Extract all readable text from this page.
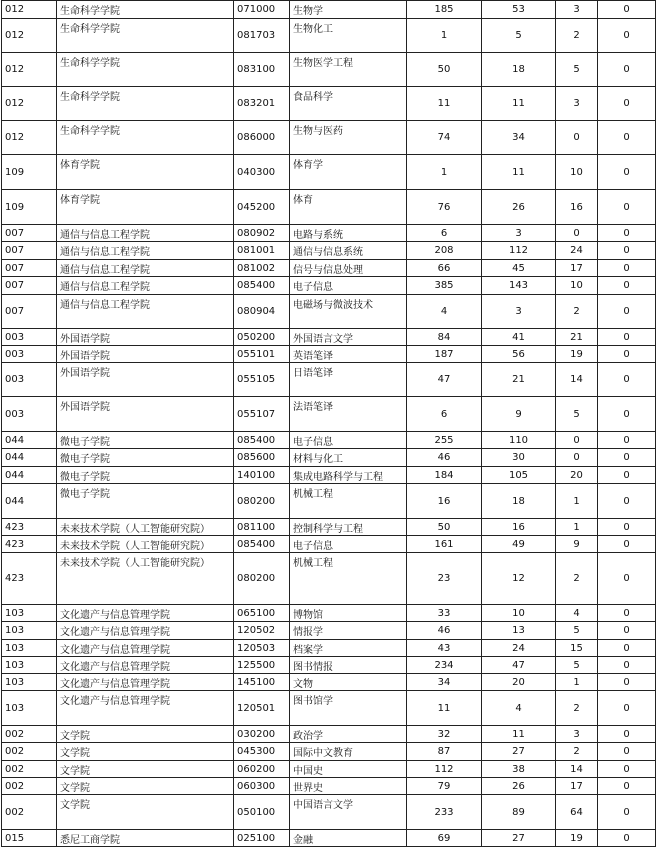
012	生命科学学院	071000	生物学	185	53	3	0
012	生命科学学院	081703	生物化工	1	5	2	0
012	生命科学学院	083100	生物医学工程	50	18	5	0
012	生命科学学院	083201	食品科学	11	11	3	0
012	生命科学学院	086000	生物与医药	74	34	0	0
109	体育学院	040300	体育学	1	11	10	0
109	体育学院	045200	体育	76	26	16	0
007	通信与信息工程学院	080902	电路与系统	6	3	0	0
007	通信与信息工程学院	081001	通信与信息系统	208	112	24	0
007	通信与信息工程学院	081002	信号与信息处理	66	45	17	0
007	通信与信息工程学院	085400	电子信息	385	143	10	0
007	通信与信息工程学院	080904	电磁场与微波技术	4	3	2	0
003	外国语学院	050200	外国语言文学	84	41	21	0
003	外国语学院	055101	英语笔译	187	56	19	0
003	外国语学院	055105	日语笔译	47	21	14	0
003	外国语学院	055107	法语笔译	6	9	5	0
044	微电子学院	085400	电子信息	255	110	0	0
044	微电子学院	085600	材料与化工	46	30	0	0
044	微电子学院	140100	集成电路科学与工程	184	105	20	0
044	微电子学院	080200	机械工程	16	18	1	0
423	未来技术学院（人工智能研究院）	081100	控制科学与工程	50	16	1	0
423	未来技术学院（人工智能研究院）	085400	电子信息	161	49	9	0
423	未来技术学院（人工智能研究院）	080200	机械工程	23	12	2	0
103	文化遗产与信息管理学院	065100	博物馆	33	10	4	0
103	文化遗产与信息管理学院	120502	情报学	46	13	5	0
103	文化遗产与信息管理学院	120503	档案学	43	24	15	0
103	文化遗产与信息管理学院	125500	图书情报	234	47	5	0
103	文化遗产与信息管理学院	145100	文物	34	20	1	0
103	文化遗产与信息管理学院	120501	图书馆学	11	4	2	0
002	文学院	030200	政治学	32	11	3	0
002	文学院	045300	国际中文教育	87	27	2	0
002	文学院	060200	中国史	112	38	14	0
002	文学院	060300	世界史	79	26	17	0
002	文学院	050100	中国语言文学	233	89	64	0
015	悉尼工商学院	025100	金融	69	27	19	0
